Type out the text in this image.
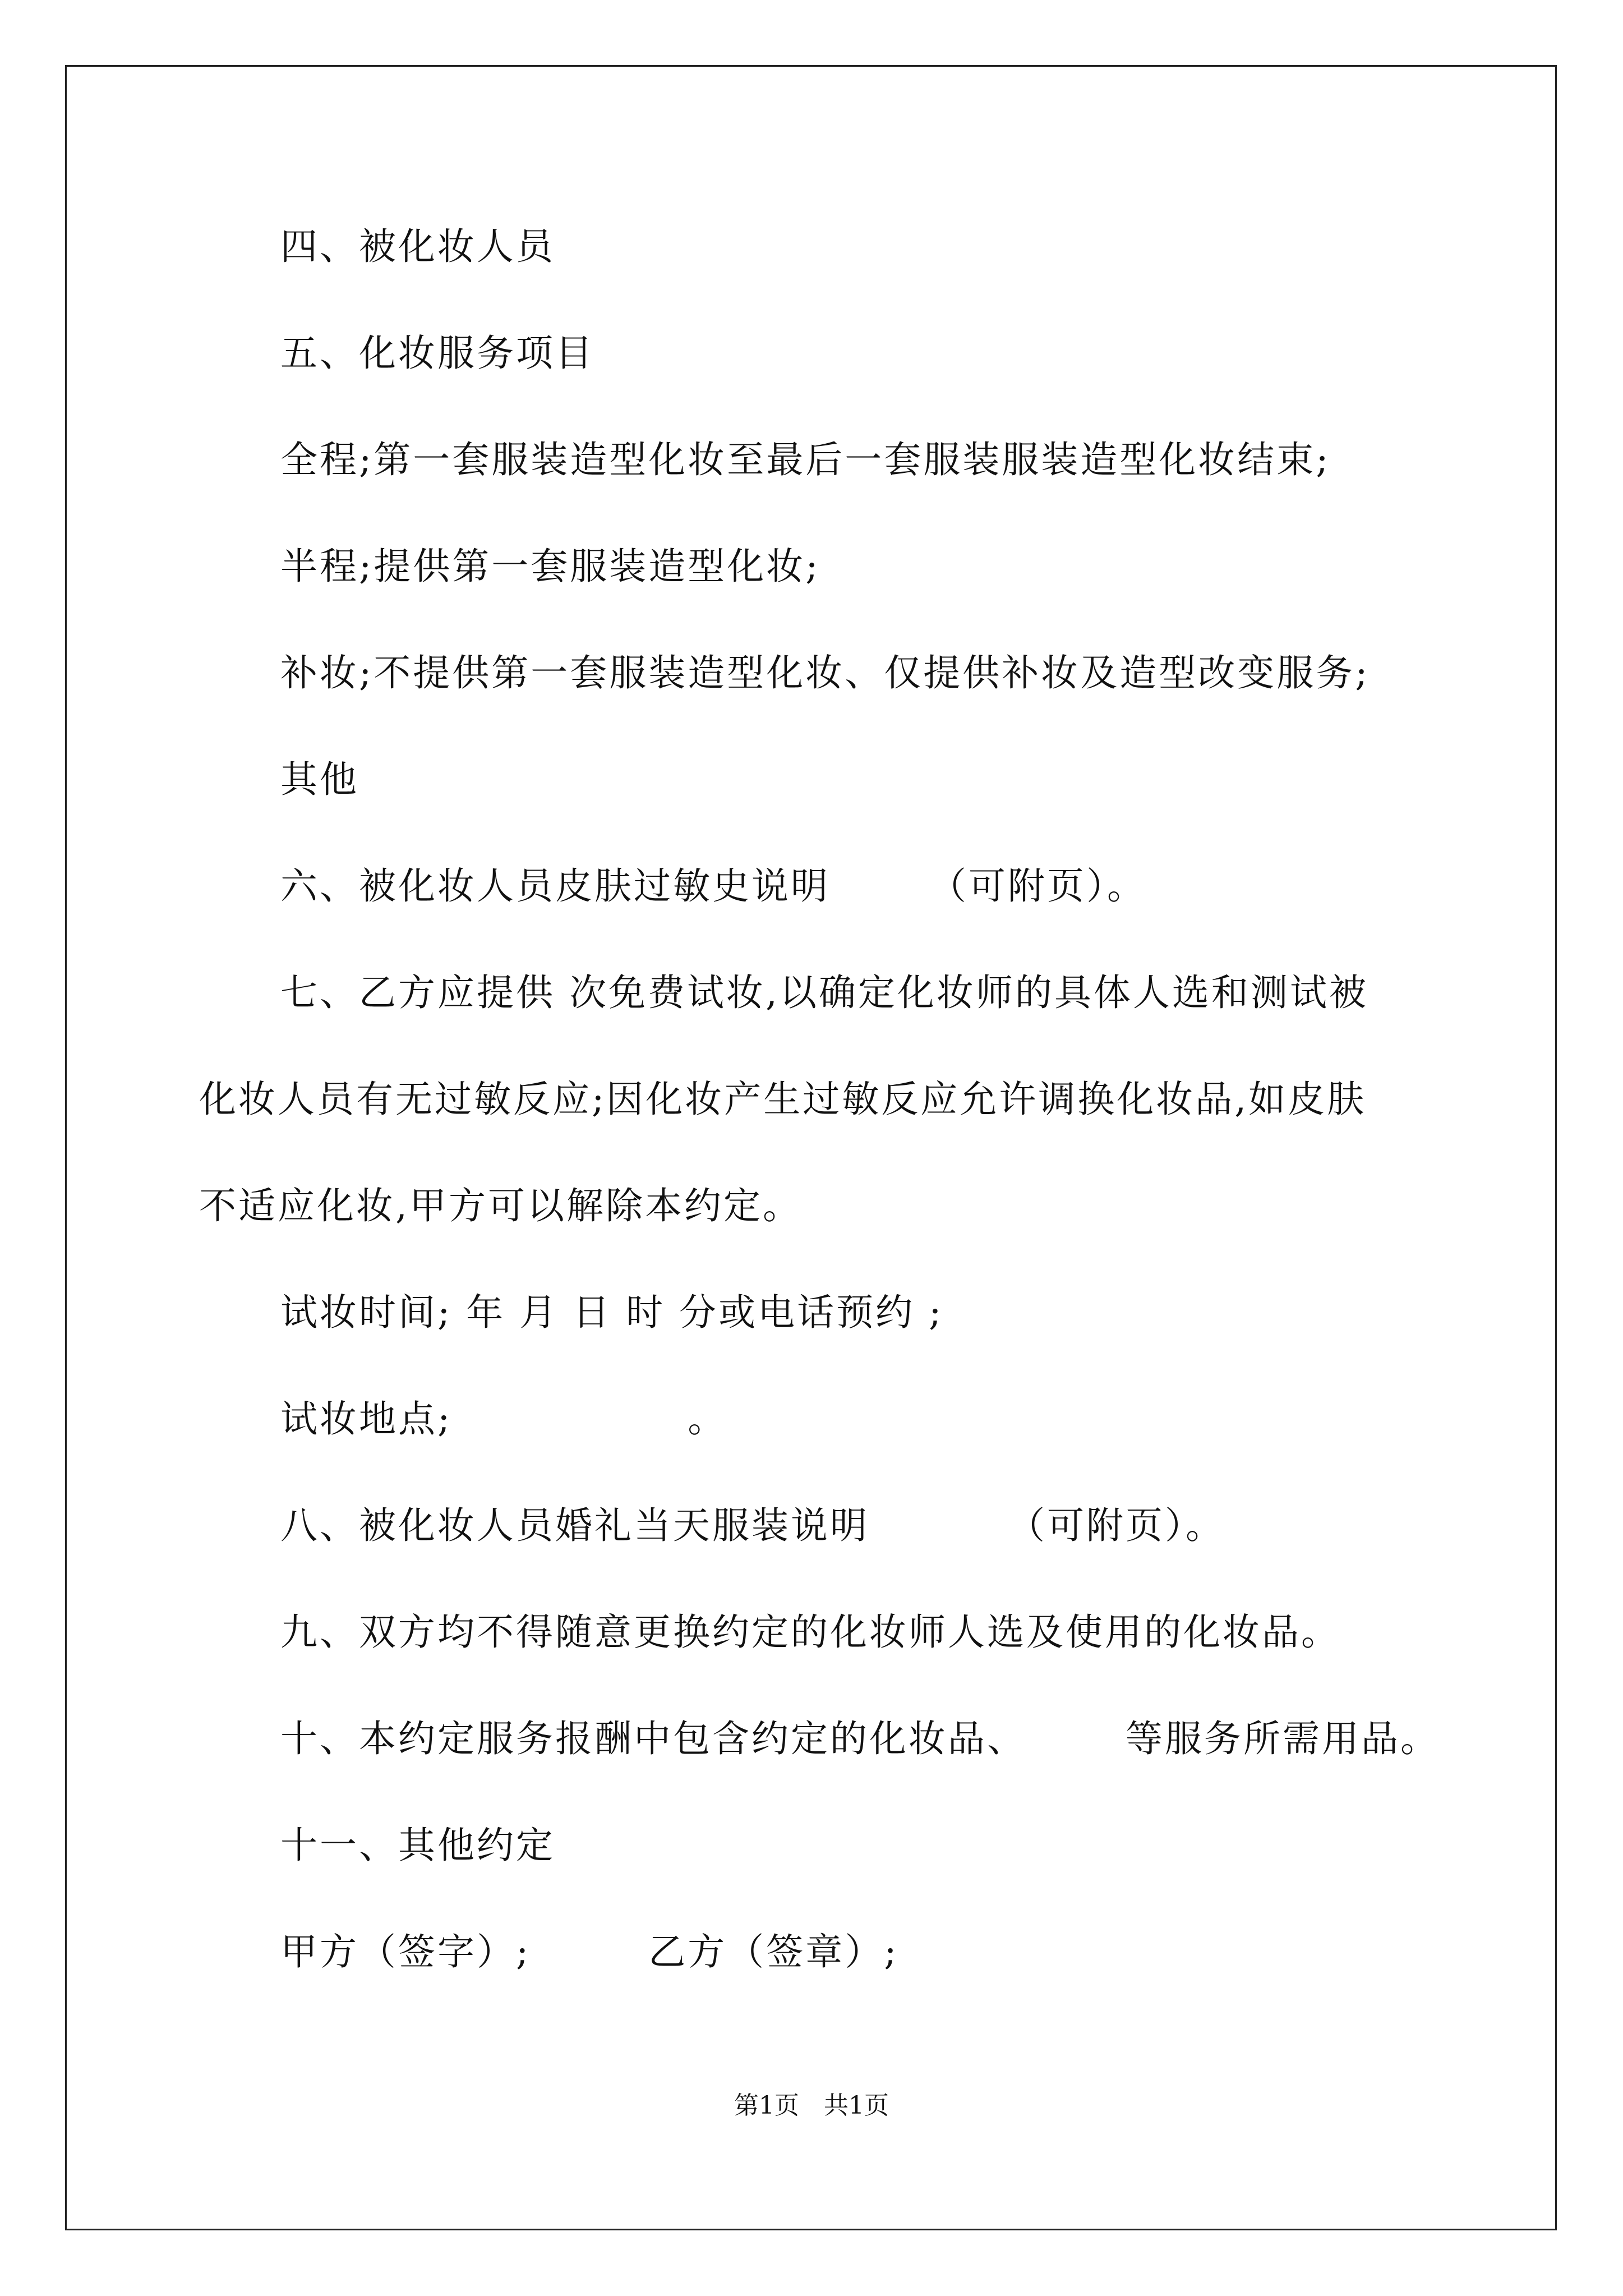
四、被化妆人员
五、化妆服务项目
全程;第一套服装造型化妆至最后一套服装服装造型化妆结束;
半程;提供第一套服装造型化妆;
补妆;不提供第一套服装造型化妆、仅提供补妆及造型改变服务;
其他
六、被化妆人员皮肤过敏史说明　　　（可附页）。
七、乙方应提供 次免费试妆,以确定化妆师的具体人选和测试被
化妆人员有无过敏反应;因化妆产生过敏反应允许调换化妆品,如皮肤
不适应化妆,甲方可以解除本约定。
试妆时间; 年 月 日 时 分或电话预约 ;
试妆地点;　　　　　　。
八、被化妆人员婚礼当天服装说明　　　　（可附页）。
九、双方均不得随意更换约定的化妆师人选及使用的化妆品。
十、本约定服务报酬中包含约定的化妆品、　　　等服务所需用品。
十一、其他约定
甲方（签字）;　　　乙方（签章）;
第1页　共1页
